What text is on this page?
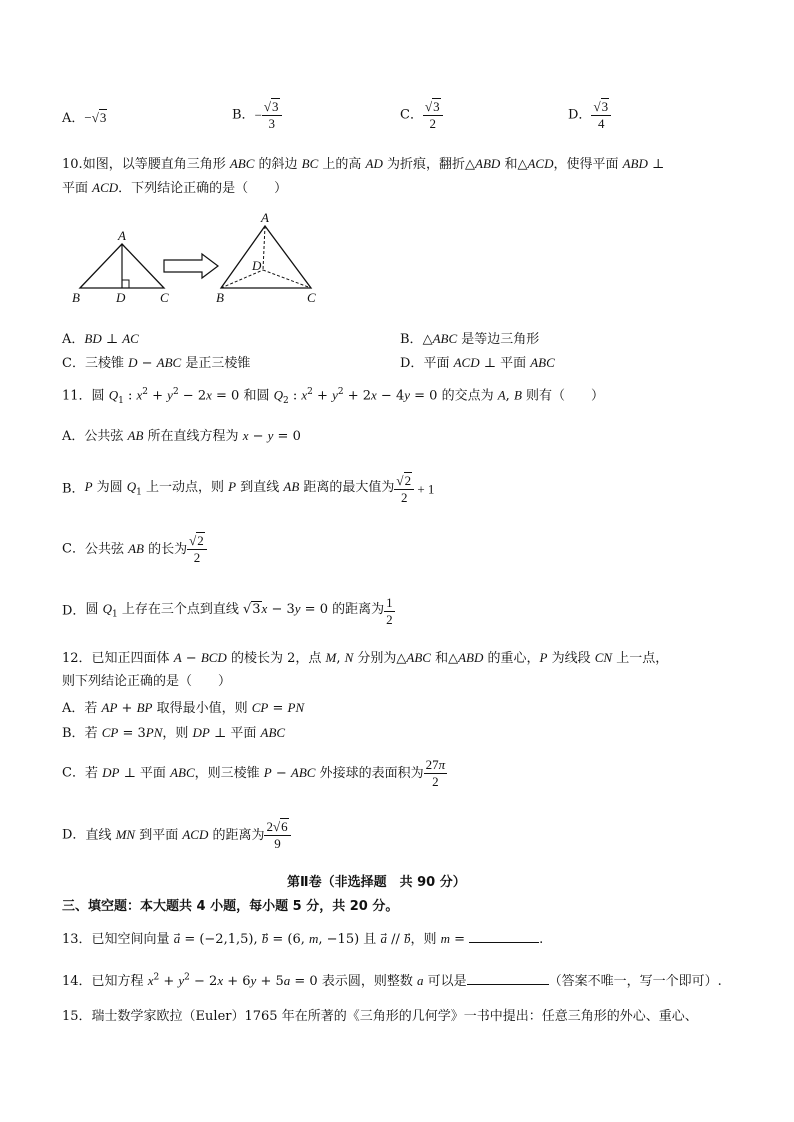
A．−√3	B．− $\frac{√3}{3}$	C． $\frac{√3}{2}$	D． $\frac{√3}{4}$
10.如图，以等腰直角三角形 ABC 的斜边 BC 上的高 AD 为折痕，翻折△ABD 和△ACD，使得平面 ABD ⊥
平面 ACD．下列结论正确的是（　　）
A
B	D	C
A
D
B	C
A．BD ⊥ AC	B．△ABC 是等边三角形
C．三棱锥 D − ABC 是正三棱锥	D．平面 ACD ⊥ 平面 ABC
11．圆 $Q_1$ : $x^2 + y^2 - 2x = 0$ 和圆 $Q_2$ : $x^2 + y^2 + 2x - 4y = 0$ 的交点为 A, B 则有（　　）
A．公共弦 AB 所在直线方程为 x − y = 0
B．P 为圆 $Q_1$ 上一动点，则 P 到直线 AB 距离的最大值为 $\frac{√2}{2} + 1$
C．公共弦 AB 的长为 $\frac{√2}{2}$
D．圆 $Q_1$ 上存在三个点到直线 √3x − 3y = 0 的距离为 $\frac{1}{2}$
12．已知正四面体 A − BCD 的棱长为 2，点 M, N 分别为△ABC 和△ABD 的重心，P 为线段 CN 上一点，
则下列结论正确的是（　　）
A．若 AP + BP 取得最小值，则 CP = PN
B．若 CP = 3PN，则 DP ⊥ 平面 ABC
C．若 DP ⊥ 平面 ABC，则三棱锥 P − ABC 外接球的表面积为 $\frac{27\pi}{2}$
D．直线 MN 到平面 ACD 的距离为 $\frac{2√6}{9}$
第Ⅱ卷（非选择题　共 90 分）
三、填空题：本大题共 4 小题，每小题 5 分，共 20 分。
13．已知空间向量 a⃗ = (−2,1,5), b⃗ = (6, m, −15) 且 a⃗ // b⃗，则 m =	.
14．已知方程 $x^2 + y^2 - 2x + 6y + 5a = 0$ 表示圆，则整数 a 可以是	（答案不唯一，写一个即可）.
15．瑞士数学家欧拉（Euler）1765 年在所著的《三角形的几何学》一书中提出：任意三角形的外心、重心、
